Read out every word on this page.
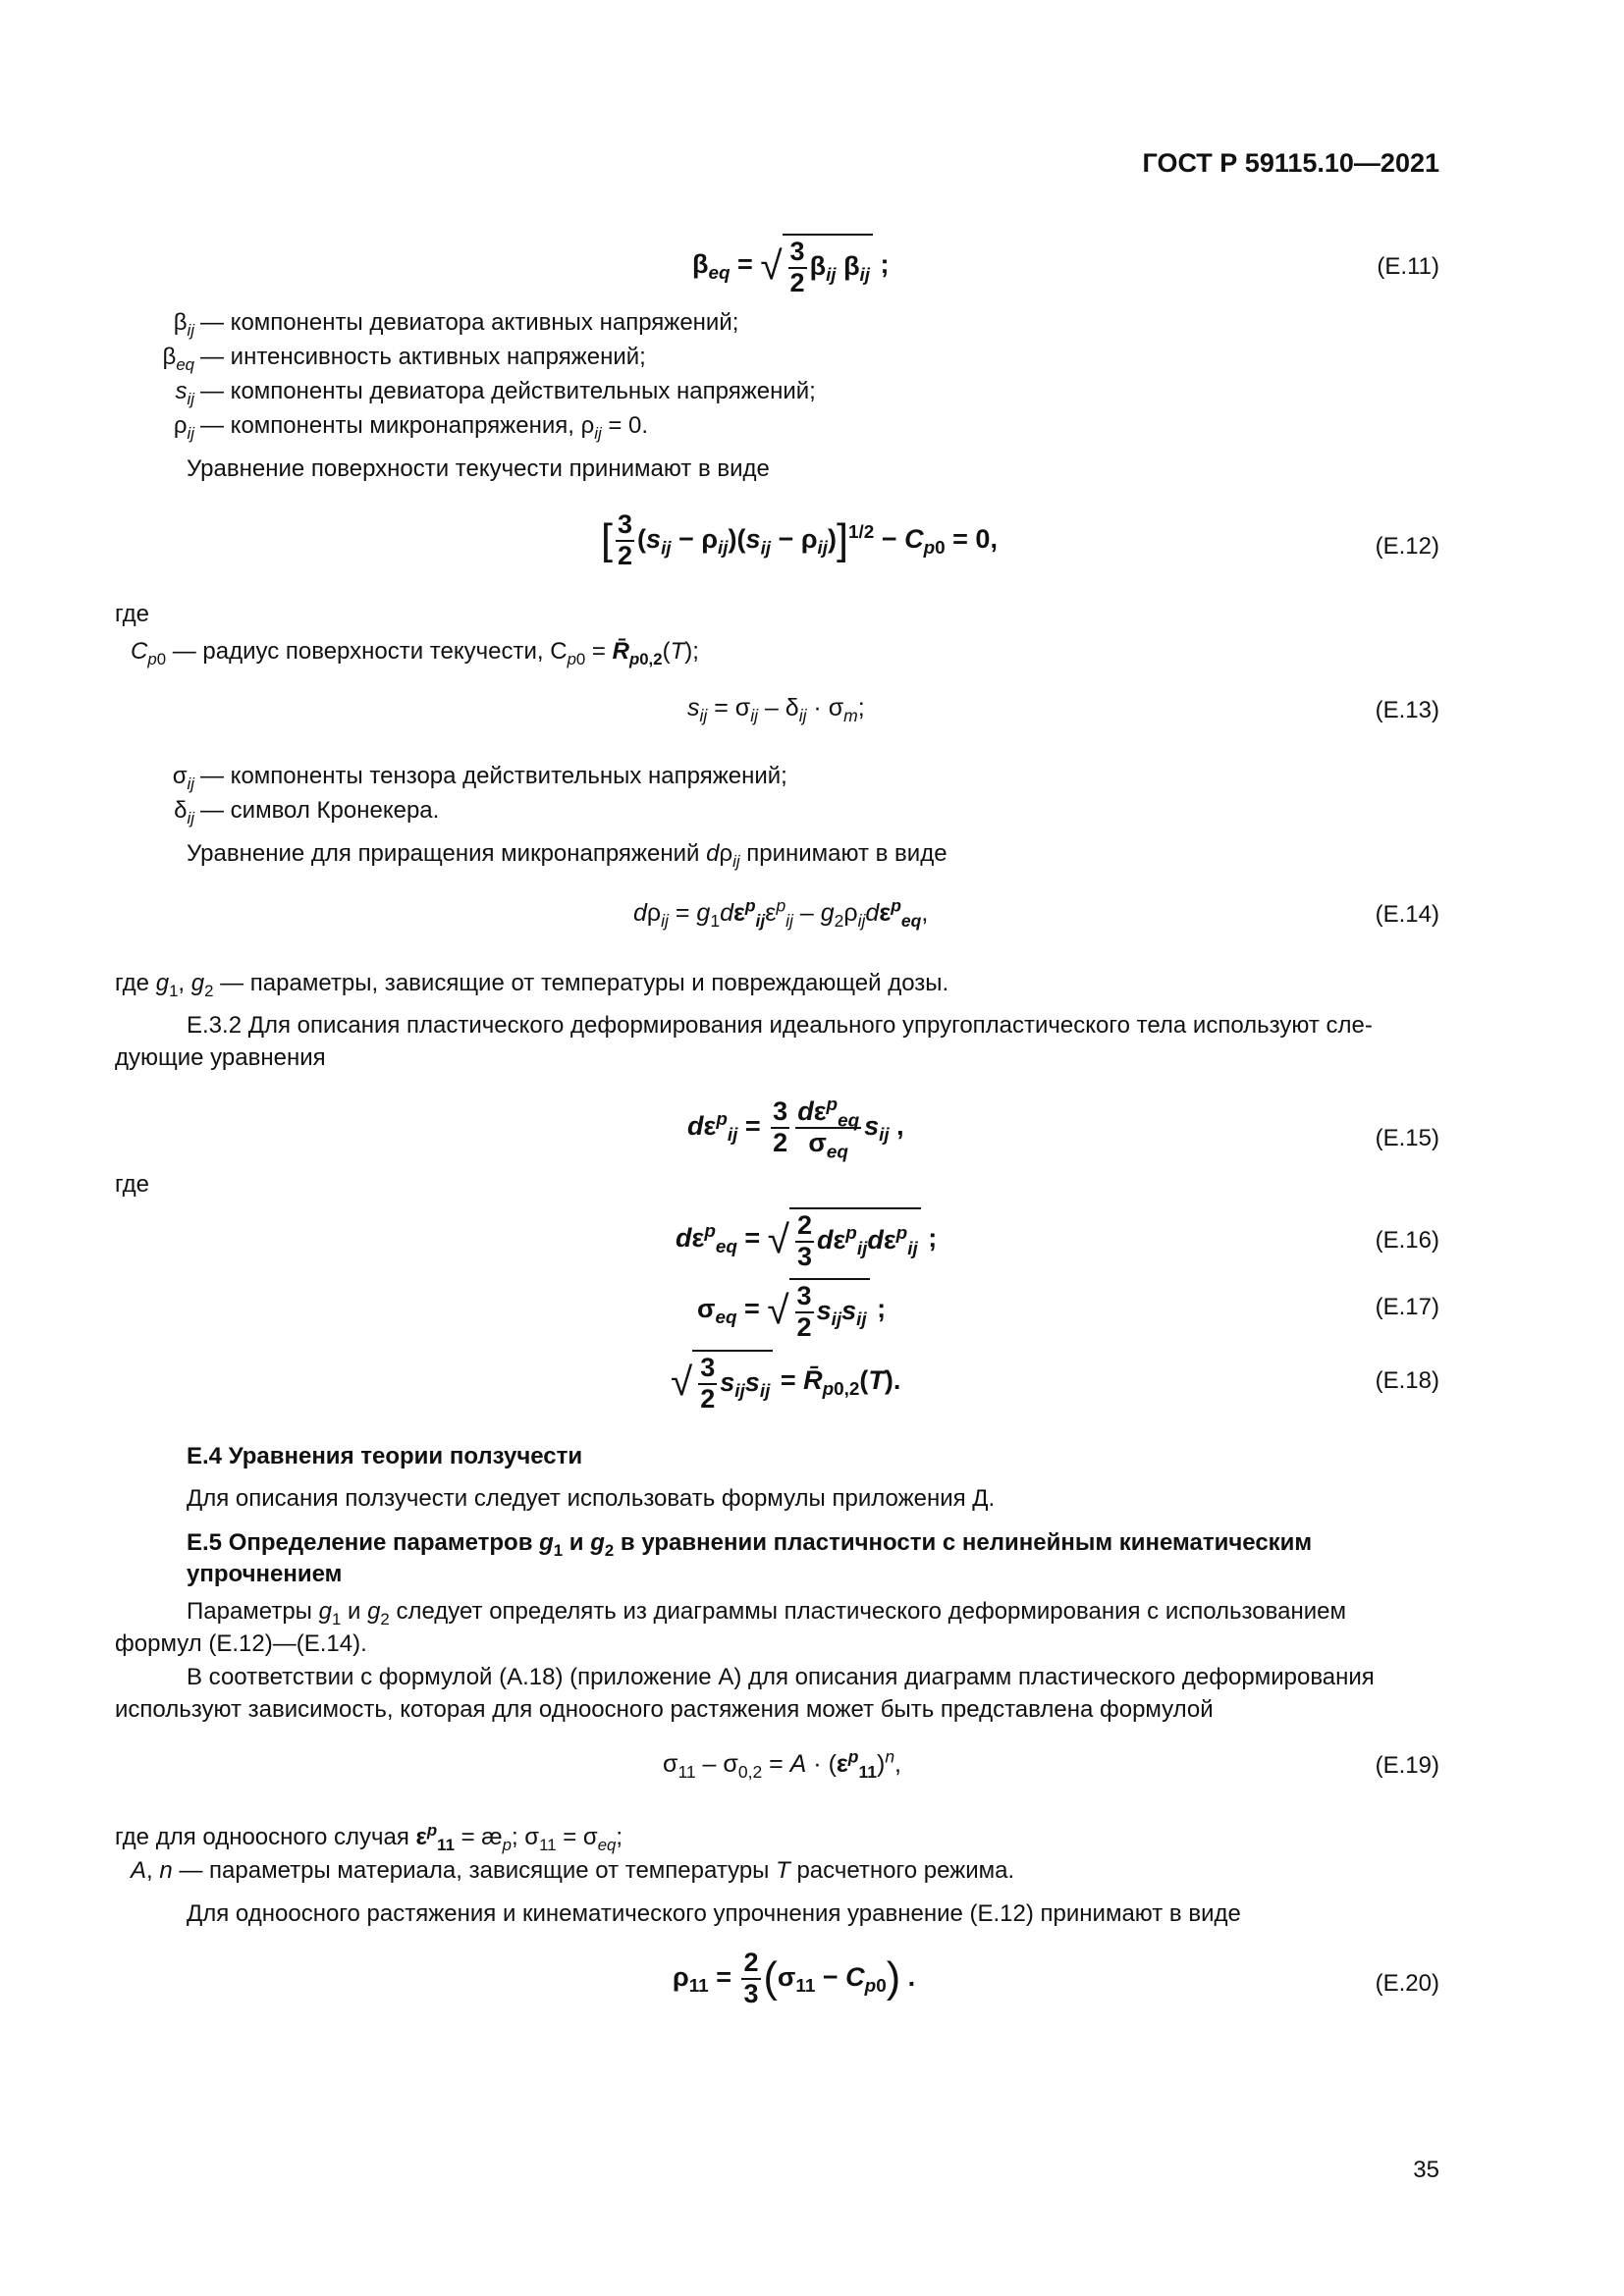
ГОСТ Р 59115.10—2021
$\beta_{eq}$ = √ $\frac{3}{2} \beta_{ij}$ $\beta_{ij}$ ;	(Е.11)
$\beta_{ij}$ — компоненты девиатора активных напряжений;
$\beta_{eq}$ — интенсивность активных напряжений;
$s_{ij}$ — компоненты девиатора действительных напряжений;
$\rho_{ij}$ — компоненты микронапряжения, $\rho_{ij} = 0$.
Уравнение поверхности текучести принимают в виде
[ $\frac{3}{2} (s_{ij} - \rho_{ij})(s_{ij} - \rho_{ij})]^{1/2} - C_{p0} = 0$,	(Е.12)
где
$C_{p0}$ — радиус поверхности текучести, $С_{p0}$ = $R̄_{p0,2}(T)$;
$s_{ij} = \sigma_{ij} - \delta_{ij} \cdot \sigma_m$;	(Е.13)
$\sigma_{ij}$ — компоненты тензора действительных напряжений;
$\delta_{ij}$ — символ Кронекера.
Уравнение для приращения микронапряжений $d\rho_{ij}$ принимают в виде
$d\rho_{ij} = g_1d\varepsilon^p_{ij}\varepsilon^p_{ij} - g_2\rho_{ij}d\varepsilon^p_{eq}$,	(Е.14)
где $g_1$, $g_2$ — параметры, зависящие от температуры и повреждающей дозы.
Е.3.2 Для описания пластического деформирования идеального упругопластического тела используют сле-
дующие уравнения
$d\varepsilon^p_{ij} = \frac{3}{2} \frac{d\varepsilon^p_{eq}}{\sigma_{eq}} s_{ij}$ ,	(Е.15)
где
$d\varepsilon^p_{eq}$ = √ $\frac{2}{3} d\varepsilon^p_{ij}d\varepsilon^p_{ij}$ ;	(Е.16)
$\sigma_{eq}$ = √ $\frac{3}{2} s_{ij}s_{ij}$ ;	(Е.17)
√ $\frac{3}{2} s_{ij}s_{ij}$ = $R̄_{p0,2}(T)$.	(Е.18)
Е.4 Уравнения теории ползучести
Для описания ползучести следует использовать формулы приложения Д.
Е.5 Определение параметров $g_1$ и $g_2$ в уравнении пластичности с нелинейным кинематическим
упрочнением
Параметры $g_1$ и $g_2$ следует определять из диаграммы пластического деформирования с использованием
формул (Е.12)—(Е.14).
В соответствии с формулой (А.18) (приложение А) для описания диаграмм пластического деформирования
используют зависимость, которая для одноосного растяжения может быть представлена формулой
$\sigma_{11} - \sigma_{0,2} = A \cdot (\varepsilon^p_{11})^n$,	(Е.19)
где для одноосного случая $\varepsilon^p_{11}$ = $æ_p$; $\sigma_{11} = \sigma_{eq}$;
A, n — параметры материала, зависящие от температуры T расчетного режима.
Для одноосного растяжения и кинематического упрочнения уравнение (Е.12) принимают в виде
$\rho_{11} = \frac{2}{3} (\sigma_{11} - C_{p0})$ .	(Е.20)
35
